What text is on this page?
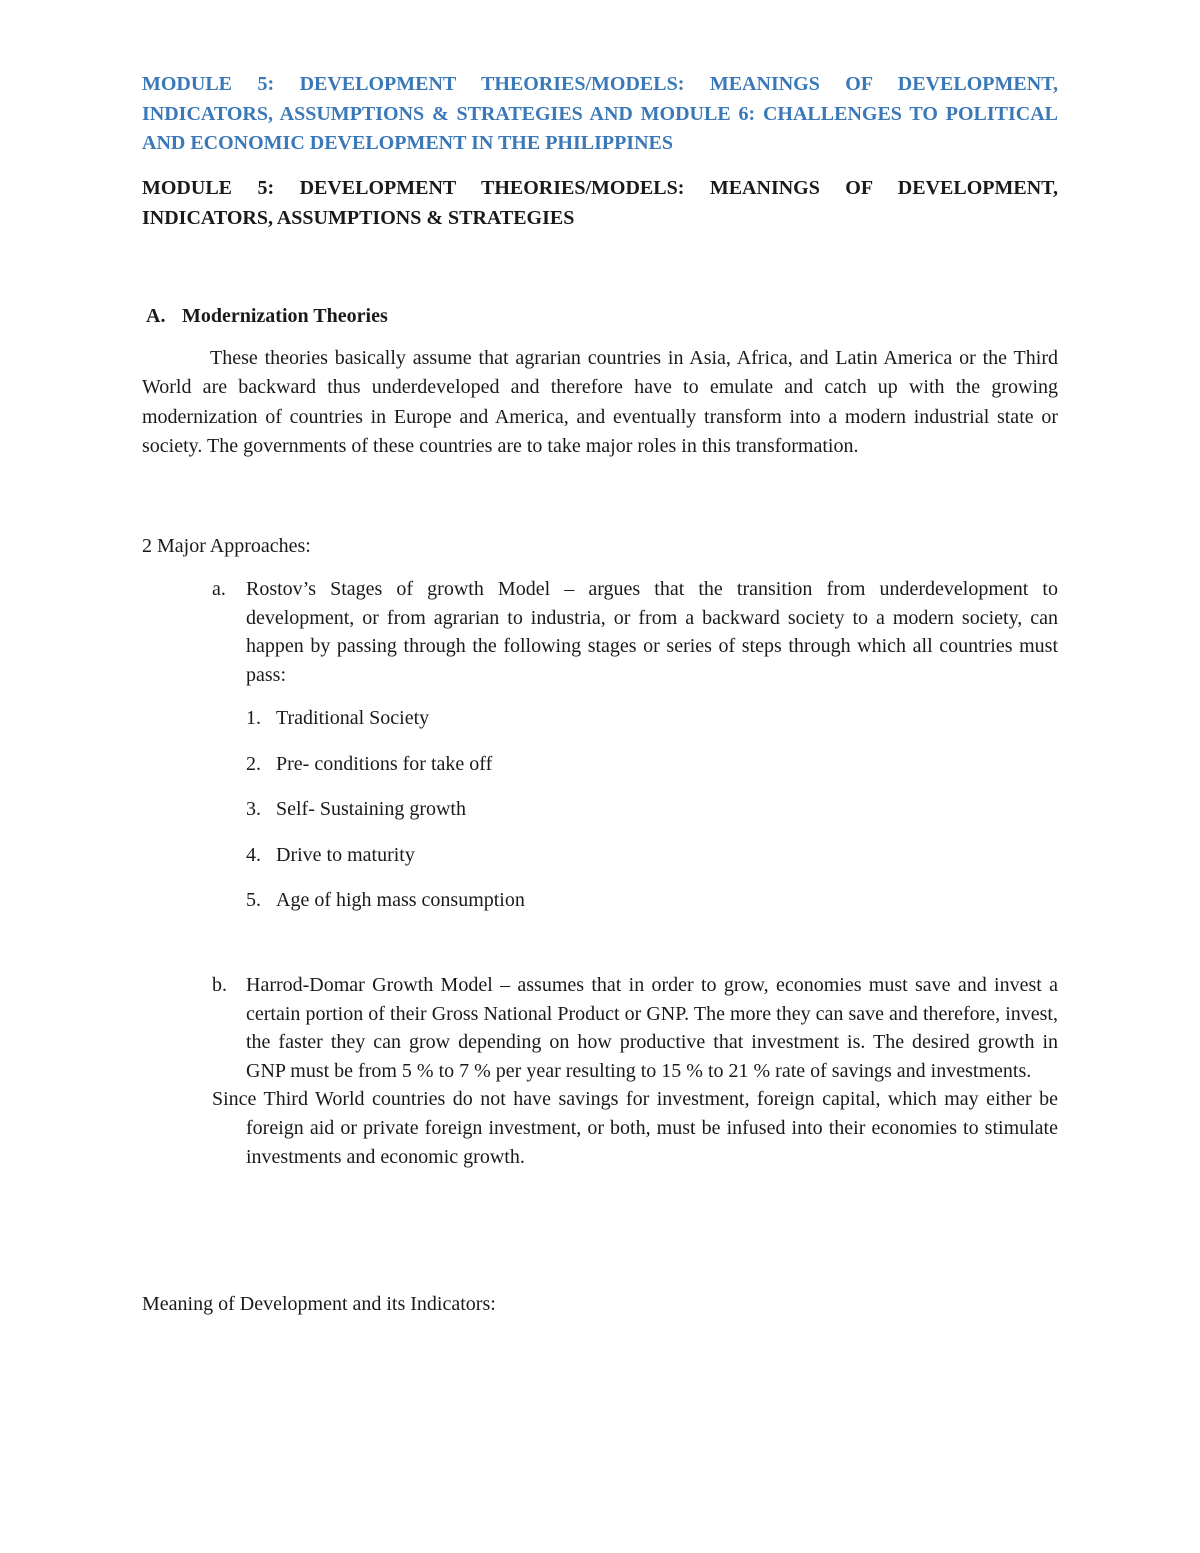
MODULE 5: DEVELOPMENT THEORIES/MODELS: MEANINGS OF DEVELOPMENT, INDICATORS, ASSUMPTIONS & STRATEGIES AND MODULE 6: CHALLENGES TO POLITICAL AND ECONOMIC DEVELOPMENT IN THE PHILIPPINES

MODULE 5: DEVELOPMENT THEORIES/MODELS: MEANINGS OF DEVELOPMENT, INDICATORS, ASSUMPTIONS & STRATEGIES

A. Modernization Theories

These theories basically assume that agrarian countries in Asia, Africa, and Latin America or the Third World are backward thus underdeveloped and therefore have to emulate and catch up with the growing modernization of countries in Europe and America, and eventually transform into a modern industrial state or society. The governments of these countries are to take major roles in this transformation.

2 Major Approaches:

a. Rostov’s Stages of growth Model – argues that the transition from underdevelopment to development, or from agrarian to industria, or from a backward society to a modern society, can happen by passing through the following stages or series of steps through which all countries must pass:

1. Traditional Society
2. Pre- conditions for take off
3. Self- Sustaining growth
4. Drive to maturity
5. Age of high mass consumption

b. Harrod-Domar Growth Model – assumes that in order to grow, economies must save and invest a certain portion of their Gross National Product or GNP. The more they can save and therefore, invest, the faster they can grow depending on how productive that investment is. The desired growth in GNP must be from 5 % to 7 % per year resulting to 15 % to 21 % rate of savings and investments.

Since Third World countries do not have savings for investment, foreign capital, which may either be foreign aid or private foreign investment, or both, must be infused into their economies to stimulate investments and economic growth.

Meaning of Development and its Indicators:
